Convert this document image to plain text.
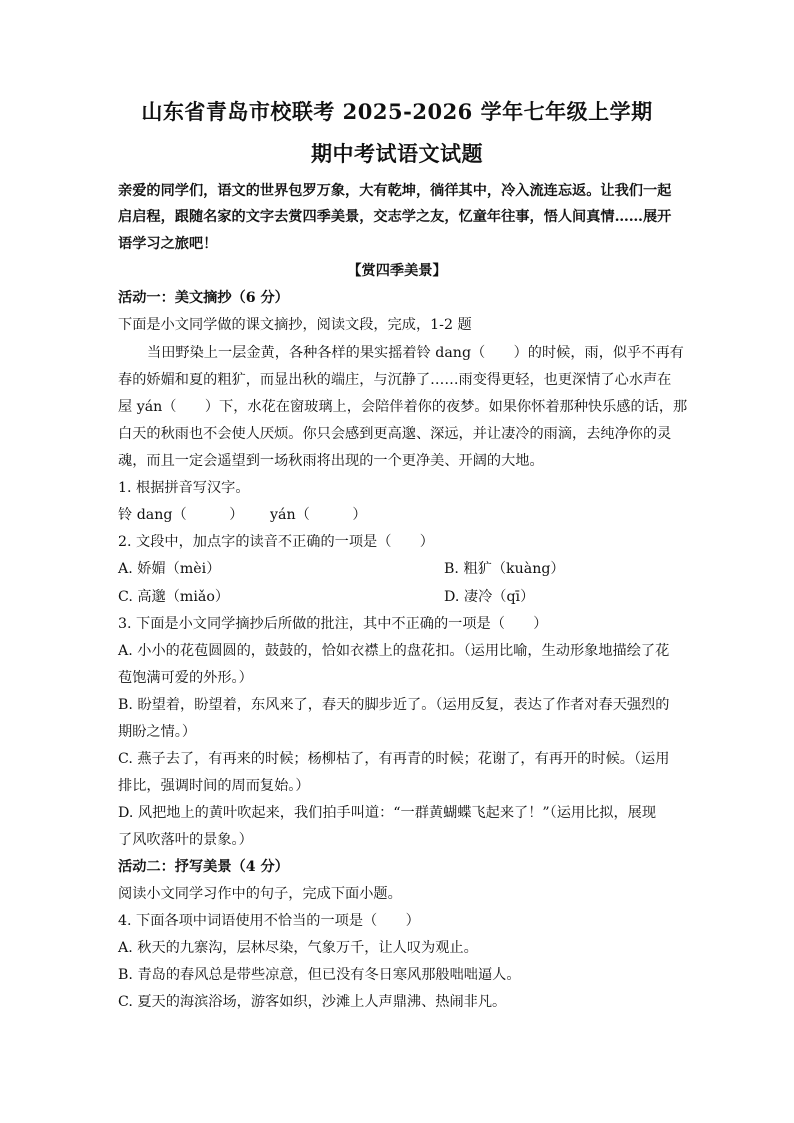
山东省青岛市校联考 2025-2026 学年七年级上学期
期中考试语文试题
亲爱的同学们，语文的世界包罗万象，大有乾坤，徜徉其中，冷入流连忘返。让我们一起
启启程，跟随名家的文字去赏四季美景，交志学之友，忆童年往事，悟人间真情……展开
语学习之旅吧！
【赏四季美景】
活动一：美文摘抄（6 分）
下面是小文同学做的课文摘抄，阅读文段，完成，1-2 题
当田野染上一层金黄，各种各样的果实摇着铃 dang（　　）的时候，雨，似乎不再有
春的娇媚和夏的粗犷，而显出秋的端庄，与沉静了……雨变得更轻，也更深情了心水声在
屋 yán（　　）下，水花在窗玻璃上，会陪伴着你的夜梦。如果你怀着那种快乐感的话，那
白天的秋雨也不会使人厌烦。你只会感到更高邈、深远，并让凄冷的雨滴，去纯净你的灵
魂，而且一定会遥望到一场秋雨将出现的一个更净美、开阔的大地。
1. 根据拼音写汉字。
铃 dang（　　　） yán（　　　）
2. 文段中，加点字的读音不正确的一项是（　　）
A. 娇媚（mèi）	B. 粗犷（kuàng）
C. 高邈（miǎo）	D. 凄冷（qī）
3. 下面是小文同学摘抄后所做的批注，其中不正确的一项是（　　）
A. 小小的花苞圆圆的，鼓鼓的，恰如衣襟上的盘花扣。（运用比喻，生动形象地描绘了花
苞饱满可爱的外形。）
B. 盼望着，盼望着，东风来了，春天的脚步近了。（运用反复，表达了作者对春天强烈的
期盼之情。）
C. 燕子去了，有再来的时候；杨柳枯了，有再青的时候；花谢了，有再开的时候。（运用
排比，强调时间的周而复始。）
D. 风把地上的黄叶吹起来，我们拍手叫道：“一群黄蝴蝶飞起来了！”（运用比拟，展现
了风吹落叶的景象。）
活动二：抒写美景（4 分）
阅读小文同学习作中的句子，完成下面小题。
4. 下面各项中词语使用不恰当的一项是（　　）
A. 秋天的九寨沟，层林尽染，气象万千，让人叹为观止。
B. 青岛的春风总是带些凉意，但已没有冬日寒风那般咄咄逼人。
C. 夏天的海滨浴场，游客如织，沙滩上人声鼎沸、热闹非凡。
